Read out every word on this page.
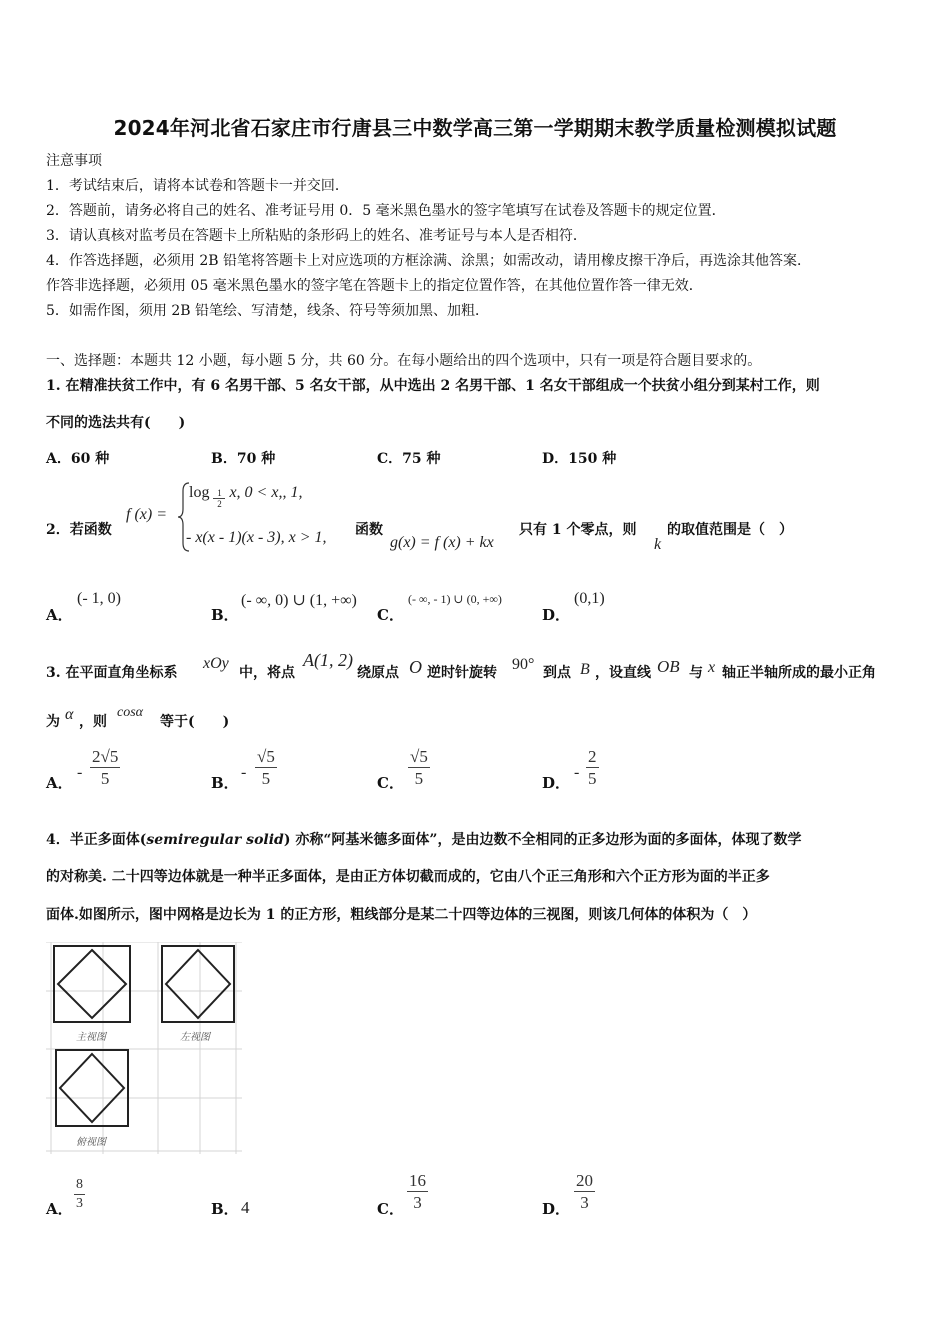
2024年河北省石家庄市行唐县三中数学高三第一学期期末教学质量检测模拟试题
注意事项
1．考试结束后，请将本试卷和答题卡一并交回．
2．答题前，请务必将自己的姓名、准考证号用 0．5 毫米黑色墨水的签字笔填写在试卷及答题卡的规定位置．
3．请认真核对监考员在答题卡上所粘贴的条形码上的姓名、准考证号与本人是否相符．
4．作答选择题，必须用 2B 铅笔将答题卡上对应选项的方框涂满、涂黑；如需改动，请用橡皮擦干净后，再选涂其他答案．
作答非选择题，必须用 05 毫米黑色墨水的签字笔在答题卡上的指定位置作答，在其他位置作答一律无效．
5．如需作图，须用 2B 铅笔绘、写清楚，线条、符号等须加黑、加粗．
一、选择题：本题共 12 小题，每小题 5 分，共 60 分。在每小题给出的四个选项中，只有一项是符合题目要求的。
1. 在精准扶贫工作中，有 6 名男干部、5 名女干部，从中选出 2 名男干部、1 名女干部组成一个扶贫小组分到某村工作，则
不同的选法共有(　　)
A．60 种	B．70 种	C．75 种	D．150 种
2．若函数
f (x) =
$\log \frac{1}{2} x$, 0 < x,, 1,
- x(x - 1)(x - 3), x > 1, 函数
g(x) = f (x) + kx
只有 1 个零点，则
k
的取值范围是（　）
A．
(- 1, 0)
B．
(- ∞, 0) ∪ (1, +∞)
C．
(- ∞, - 1) ∪ (0, +∞)
D．
(0,1)
3. 在平面直角坐标系
xOy
中，将点
A(1, 2)
绕原点 O 逆时针旋转 90° 到点 B ，设直线 OB 与 x 轴正半轴所成的最小正角
为 α ，则
cosα
等于(　　)
A．
- $\frac{2√5}{5}$	B．
- $\frac{√5}{5}$	C． $\frac{√5}{5}$	D．
- $\frac{2}{5}$
4．半正多面体(semiregular solid) 亦称“阿基米德多面体”，是由边数不全相同的正多边形为面的多面体，体现了数学
的对称美. 二十四等边体就是一种半正多面体，是由正方体切截而成的，它由八个正三角形和六个正方形为面的半正多
面体.如图所示，图中网格是边长为 1 的正方形，粗线部分是某二十四等边体的三视图，则该几何体的体积为（　）
主视图	左视图
俯视图
A． $\frac{8}{3}$	B． 4	C． $\frac{16}{3}$	D． $\frac{20}{3}$
